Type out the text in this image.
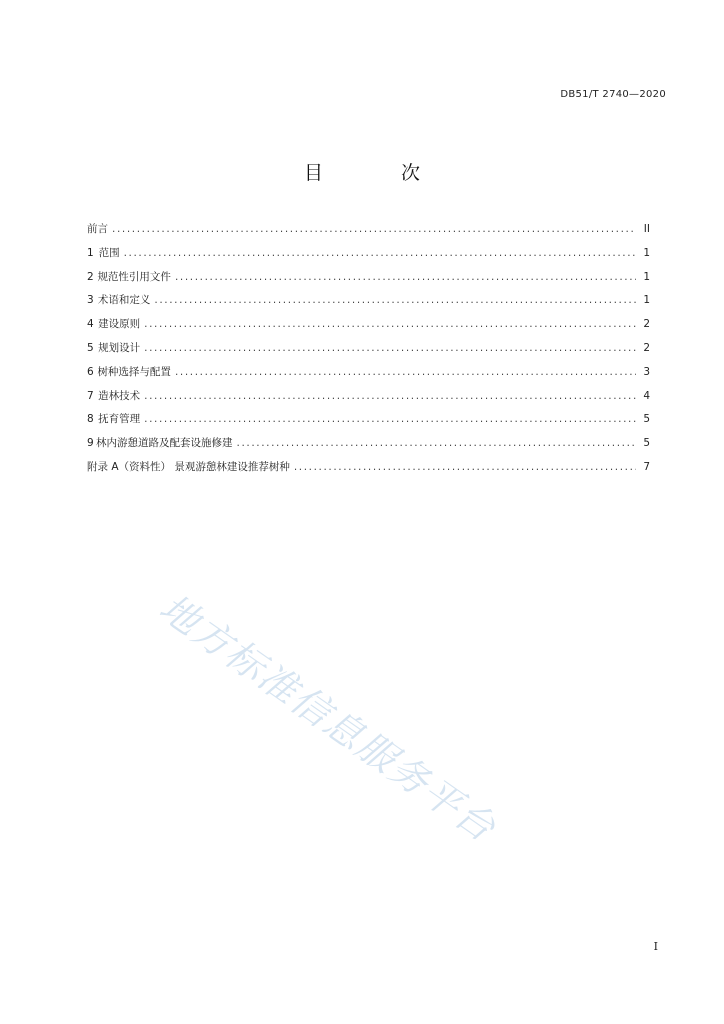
DB51/T 2740—2020
目 次
前言 .....	II
1 范围 .....	1
2 规范性引用文件 .....	1
3 术语和定义 .....	1
4 建设原则 .....	2
5 规划设计 .....	2
6 树种选择与配置 .....	3
7 造林技术 .....	4
8 抚育管理 .....	5
9 林内游憩道路及配套设施修建 .....	5
附录 A（资料性） 景观游憩林建设推荐树种 .....	7
地方标准信息服务平台
I
